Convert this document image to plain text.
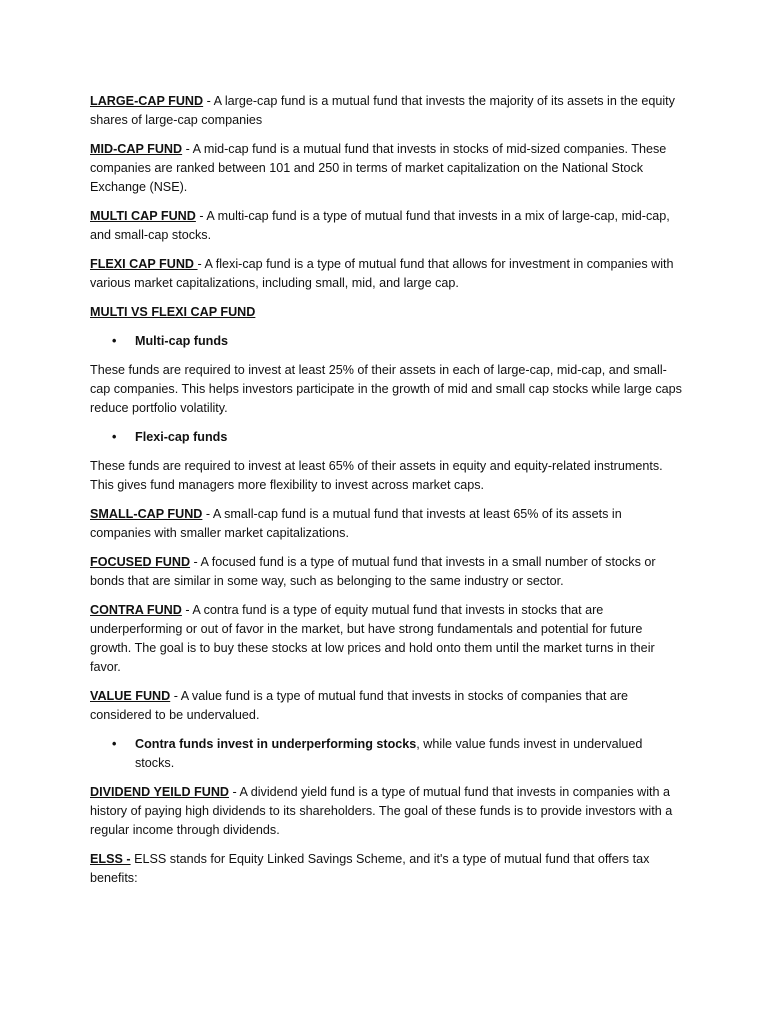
LARGE-CAP FUND - A large-cap fund is a mutual fund that invests the majority of its assets in the equity shares of large-cap companies

MID-CAP FUND - A mid-cap fund is a mutual fund that invests in stocks of mid-sized companies. These companies are ranked between 101 and 250 in terms of market capitalization on the National Stock Exchange (NSE).

MULTI CAP FUND - A multi-cap fund is a type of mutual fund that invests in a mix of large-cap, mid-cap, and small-cap stocks.

FLEXI CAP FUND - A flexi-cap fund is a type of mutual fund that allows for investment in companies with various market capitalizations, including small, mid, and large cap.

MULTI VS FLEXI CAP FUND

• Multi-cap funds

These funds are required to invest at least 25% of their assets in each of large-cap, mid-cap, and small-cap companies. This helps investors participate in the growth of mid and small cap stocks while large caps reduce portfolio volatility.

• Flexi-cap funds

These funds are required to invest at least 65% of their assets in equity and equity-related instruments. This gives fund managers more flexibility to invest across market caps.

SMALL-CAP FUND - A small-cap fund is a mutual fund that invests at least 65% of its assets in companies with smaller market capitalizations.

FOCUSED FUND - A focused fund is a type of mutual fund that invests in a small number of stocks or bonds that are similar in some way, such as belonging to the same industry or sector.

CONTRA FUND - A contra fund is a type of equity mutual fund that invests in stocks that are underperforming or out of favor in the market, but have strong fundamentals and potential for future growth. The goal is to buy these stocks at low prices and hold onto them until the market turns in their favor.

VALUE FUND - A value fund is a type of mutual fund that invests in stocks of companies that are considered to be undervalued.

• Contra funds invest in underperforming stocks, while value funds invest in undervalued stocks.

DIVIDEND YEILD FUND - A dividend yield fund is a type of mutual fund that invests in companies with a history of paying high dividends to its shareholders. The goal of these funds is to provide investors with a regular income through dividends.

ELSS - ELSS stands for Equity Linked Savings Scheme, and it's a type of mutual fund that offers tax benefits:
